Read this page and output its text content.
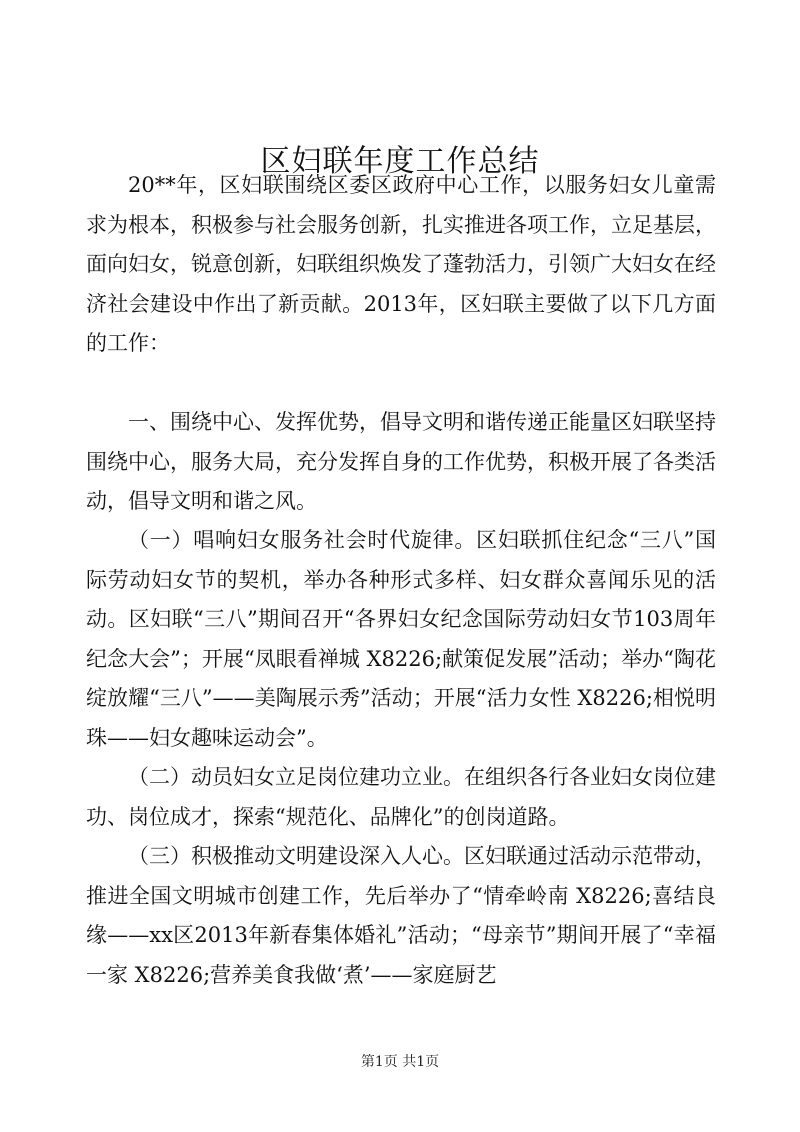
区妇联年度工作总结

20**年，区妇联围绕区委区政府中心工作，以服务妇女儿童需求为根本，积极参与社会服务创新，扎实推进各项工作，立足基层，面向妇女，锐意创新，妇联组织焕发了蓬勃活力，引领广大妇女在经济社会建设中作出了新贡献。2013年，区妇联主要做了以下几方面的工作：

一、围绕中心、发挥优势，倡导文明和谐传递正能量区妇联坚持围绕中心，服务大局，充分发挥自身的工作优势，积极开展了各类活动，倡导文明和谐之风。

（一）唱响妇女服务社会时代旋律。区妇联抓住纪念“三八”国际劳动妇女节的契机，举办各种形式多样、妇女群众喜闻乐见的活动。区妇联“三八”期间召开“各界妇女纪念国际劳动妇女节103周年纪念大会”；开展“凤眼看禅城 X8226;献策促发展”活动；举办“陶花绽放耀“三八”——美陶展示秀”活动；开展“活力女性 X8226;相悦明珠——妇女趣味运动会”。

（二）动员妇女立足岗位建功立业。在组织各行各业妇女岗位建功、岗位成才，探索“规范化、品牌化”的创岗道路。

（三）积极推动文明建设深入人心。区妇联通过活动示范带动，推进全国文明城市创建工作，先后举办了“情牵岭南 X8226;喜结良缘——xx区2013年新春集体婚礼”活动；“母亲节”期间开展了“幸福一家 X8226;营养美食我做‘煮’——家庭厨艺

第1页 共1页
